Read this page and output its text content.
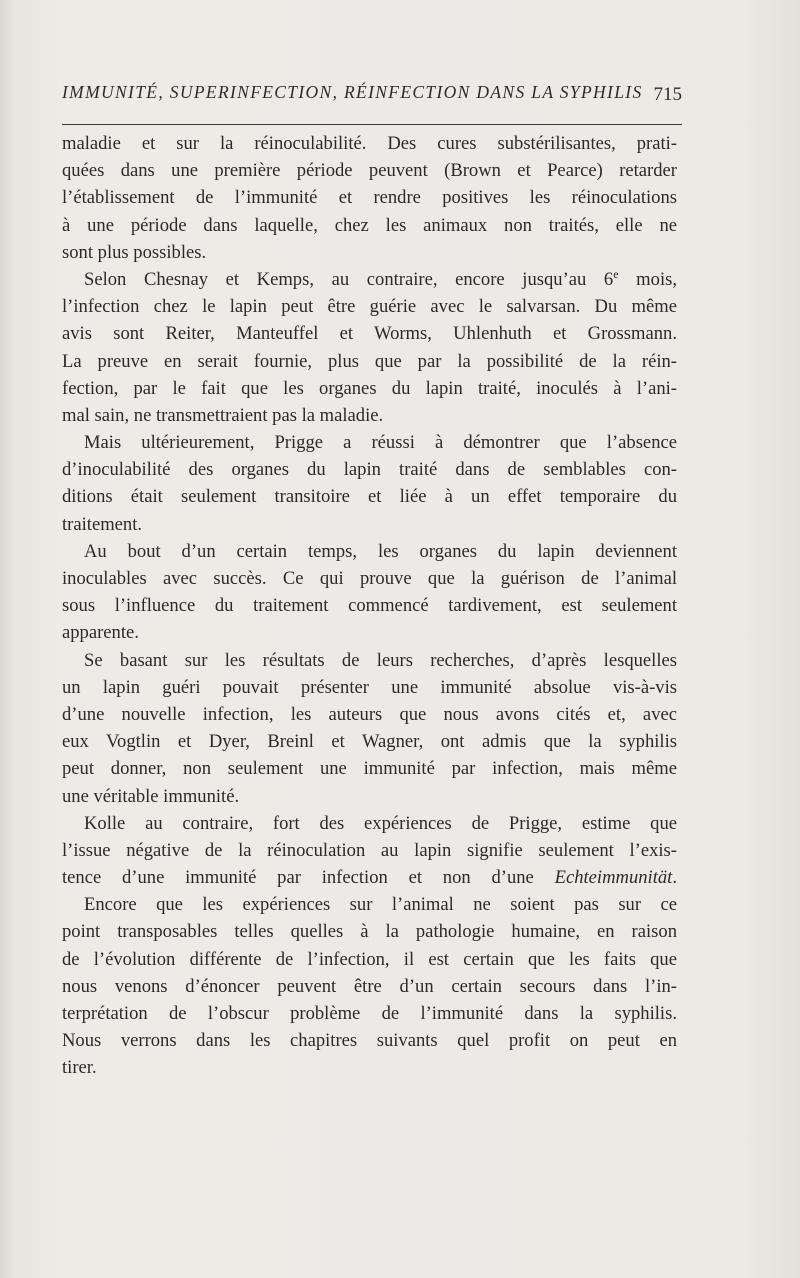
IMMUNITÉ, SUPERINFECTION, RÉINFECTION DANS LA SYPHILIS 715
maladie et sur la réinoculabilité. Des cures substérilisantes, prati-
quées dans une première période peuvent (Brown et Pearce) retarder
l’établissement de l’immunité et rendre positives les réinoculations
à une période dans laquelle, chez les animaux non traités, elle ne
sont plus possibles.
Selon Chesnay et Kemps, au contraire, encore jusqu’au 6e mois,
l’infection chez le lapin peut être guérie avec le salvarsan. Du même
avis sont Reiter, Manteuffel et Worms, Uhlenhuth et Grossmann.
La preuve en serait fournie, plus que par la possibilité de la réin-
fection, par le fait que les organes du lapin traité, inoculés à l’ani-
mal sain, ne transmettraient pas la maladie.
Mais ultérieurement, Prigge a réussi à démontrer que l’absence
d’inoculabilité des organes du lapin traité dans de semblables con-
ditions était seulement transitoire et liée à un effet temporaire du
traitement.
Au bout d’un certain temps, les organes du lapin deviennent
inoculables avec succès. Ce qui prouve que la guérison de l’animal
sous l’influence du traitement commencé tardivement, est seulement
apparente.
Se basant sur les résultats de leurs recherches, d’après lesquelles
un lapin guéri pouvait présenter une immunité absolue vis-à-vis
d’une nouvelle infection, les auteurs que nous avons cités et, avec
eux Vogtlin et Dyer, Breinl et Wagner, ont admis que la syphilis
peut donner, non seulement une immunité par infection, mais même
une véritable immunité.
Kolle au contraire, fort des expériences de Prigge, estime que
l’issue négative de la réinoculation au lapin signifie seulement l’exis-
tence d’une immunité par infection et non d’une Echteimmunität.
Encore que les expériences sur l’animal ne soient pas sur ce
point transposables telles quelles à la pathologie humaine, en raison
de l’évolution différente de l’infection, il est certain que les faits que
nous venons d’énoncer peuvent être d’un certain secours dans l’in-
terprétation de l’obscur problème de l’immunité dans la syphilis.
Nous verrons dans les chapitres suivants quel profit on peut en
tirer.
